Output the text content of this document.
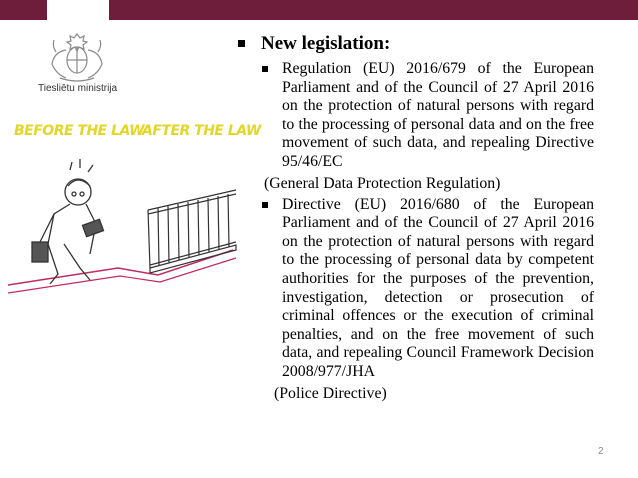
Tiesliētu ministrija
BEFORE THE LAW
AFTER THE LAW
New legislation:
Regulation (EU) 2016/679 of the European Parliament and of the Council of 27 April 2016 on the protection of natural persons with regard to the processing of personal data and on the free movement of such data, and repealing Directive 95/46/EC
(General Data Protection Regulation)
Directive (EU) 2016/680 of the European Parliament and of the Council of 27 April 2016 on the protection of natural persons with regard to the processing of personal data by competent authorities for the purposes of the prevention, investigation, detection or prosecution of criminal offences or the execution of criminal penalties, and on the free movement of such data, and repealing Council Framework Decision 2008/977/JHA
(Police Directive)
2
